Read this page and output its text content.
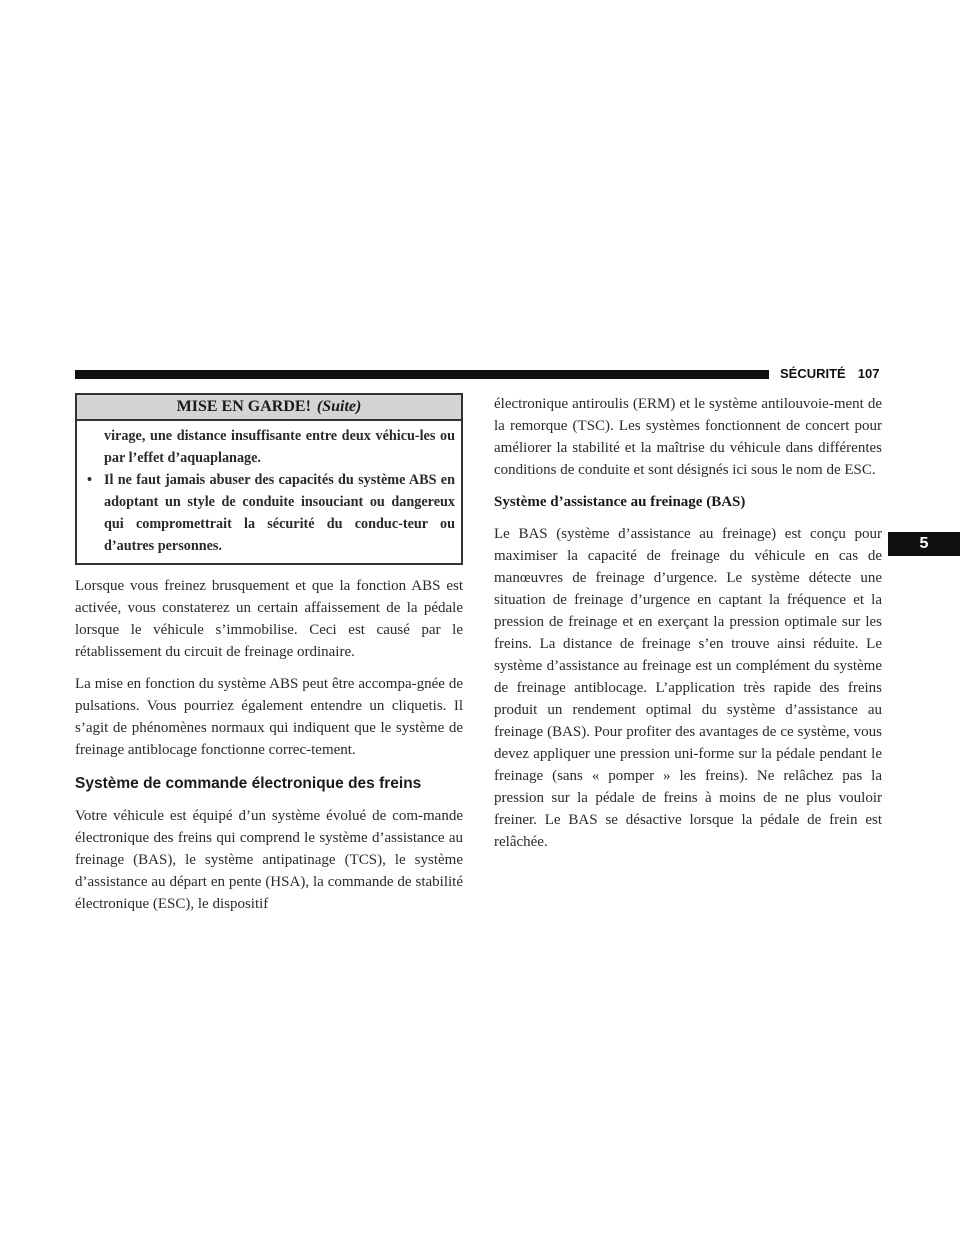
SÉCURITÉ 107
5
MISE EN GARDE! (Suite)

virage, une distance insuffisante entre deux véhicu-les ou par l’effet d’aquaplanage.

• Il ne faut jamais abuser des capacités du système ABS en adoptant un style de conduite insouciant ou dangereux qui compromettrait la sécurité du conduc-teur ou d’autres personnes.

Lorsque vous freinez brusquement et que la fonction ABS est activée, vous constaterez un certain affaissement de la pédale lorsque le véhicule s’immobilise. Ceci est causé par le rétablissement du circuit de freinage ordinaire.

La mise en fonction du système ABS peut être accompa-gnée de pulsations. Vous pourriez également entendre un cliquetis. Il s’agit de phénomènes normaux qui indiquent que le système de freinage antiblocage fonctionne correc-tement.

Système de commande électronique des freins

Votre véhicule est équipé d’un système évolué de com-mande électronique des freins qui comprend le système d’assistance au freinage (BAS), le système antipatinage (TCS), le système d’assistance au départ en pente (HSA), la commande de stabilité électronique (ESC), le dispositif

électronique antiroulis (ERM) et le système antilouvoie-ment de la remorque (TSC). Les systèmes fonctionnent de concert pour améliorer la stabilité et la maîtrise du véhicule dans différentes conditions de conduite et sont désignés ici sous le nom de ESC.

Système d’assistance au freinage (BAS)

Le BAS (système d’assistance au freinage) est conçu pour maximiser la capacité de freinage du véhicule en cas de manœuvres de freinage d’urgence. Le système détecte une situation de freinage d’urgence en captant la fréquence et la pression de freinage et en exerçant la pression optimale sur les freins. La distance de freinage s’en trouve ainsi réduite. Le système d’assistance au freinage est un complément du système de freinage antiblocage. L’application très rapide des freins produit un rendement optimal du système d’assistance au freinage (BAS). Pour profiter des avantages de ce système, vous devez appliquer une pression uni-forme sur la pédale pendant le freinage (sans « pomper » les freins). Ne relâchez pas la pression sur la pédale de freins à moins de ne plus vouloir freiner. Le BAS se désactive lorsque la pédale de frein est relâchée.
